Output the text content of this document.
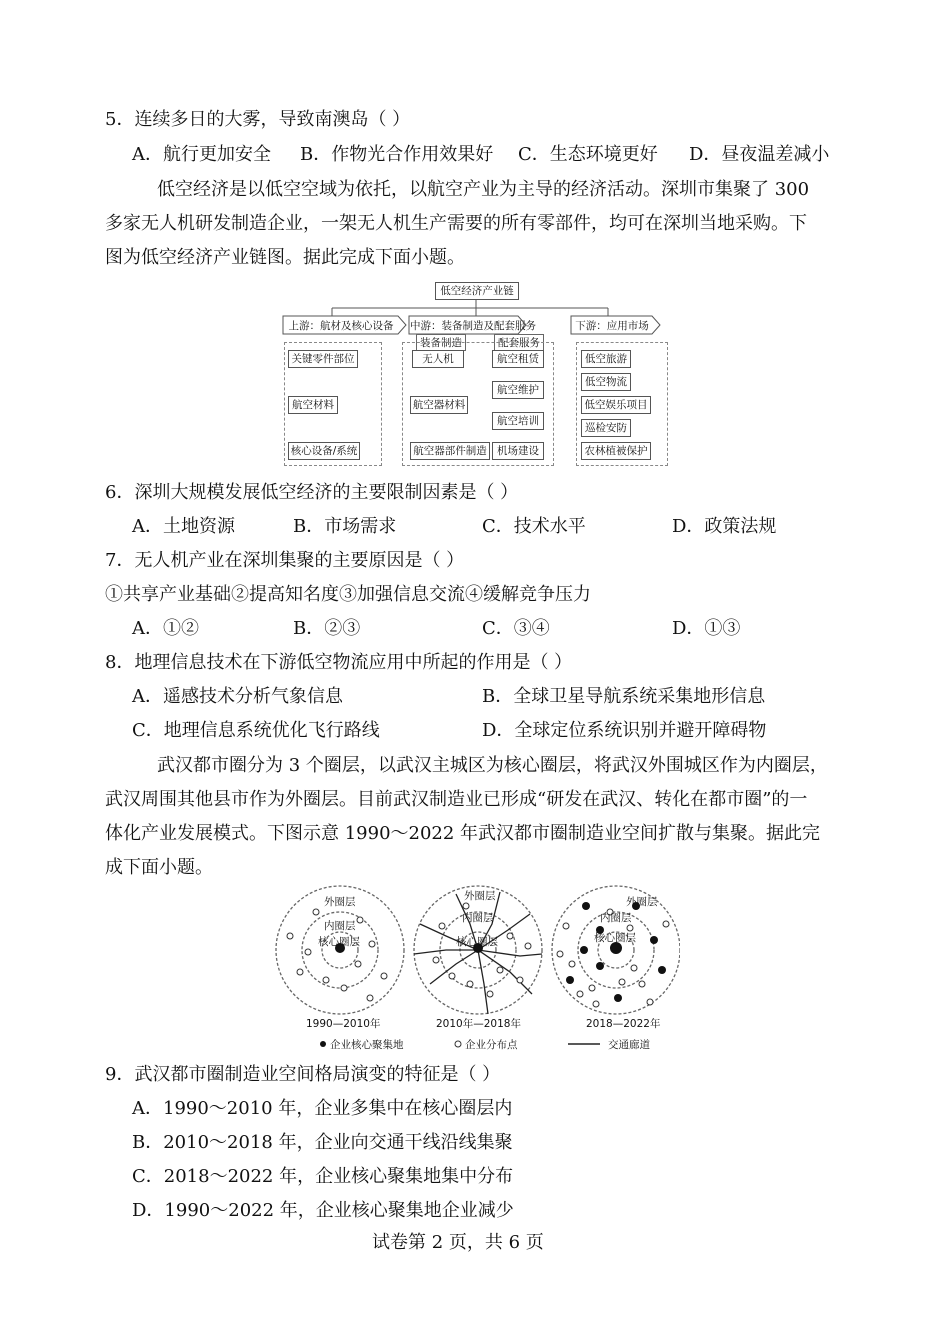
5．连续多日的大雾，导致南澳岛（ ）
A．航行更加安全 B．作物光合作用效果好 C．生态环境更好 D．昼夜温差减小
低空经济是以低空空域为依托，以航空产业为主导的经济活动。深圳市集聚了 300
多家无人机研发制造企业，一架无人机生产需要的所有零部件，均可在深圳当地采购。下
图为低空经济产业链图。据此完成下面小题。
低空经济产业链
上游：航材及核心设备	中游：装备制造及配套服务	下游：应用市场
关键零件部位
航空材料
核心设备/系统
装备制造	配套服务
无人机
航空器材料
航空器部件制造
航空租赁
航空维护
航空培训
机场建设
低空旅游
低空物流
低空娱乐项目
巡检安防
农林植被保护
6．深圳大规模发展低空经济的主要限制因素是（ ）
A．土地资源	B．市场需求	C．技术水平	D．政策法规
7．无人机产业在深圳集聚的主要原因是（ ）
①共享产业基础②提高知名度③加强信息交流④缓解竞争压力
A．①②	B．②③	C．③④	D．①③
8．地理信息技术在下游低空物流应用中所起的作用是（ ）
A．遥感技术分析气象信息	B．全球卫星导航系统采集地形信息
C．地理信息系统优化飞行路线	D．全球定位系统识别并避开障碍物
武汉都市圈分为 3 个圈层，以武汉主城区为核心圈层，将武汉外围城区作为内圈层，
武汉周围其他县市作为外圈层。目前武汉制造业已形成“研发在武汉、转化在都市圈”的一
体化产业发展模式。下图示意 1990～2022 年武汉都市圈制造业空间扩散与集聚。据此完
成下面小题。
外圈层
内圈层
核心圈层
外圈层
内圈层
核心圈层
外圈层
内圈层
核心圈层
1990—2010年	2010年—2018年	2018—2022年
企业核心聚集地	企业分布点	交通廊道
9．武汉都市圈制造业空间格局演变的特征是（ ）
A．1990～2010 年，企业多集中在核心圈层内
B．2010～2018 年，企业向交通干线沿线集聚
C．2018～2022 年，企业核心聚集地集中分布
D．1990～2022 年，企业核心聚集地企业减少
试卷第 2 页，共 6 页
